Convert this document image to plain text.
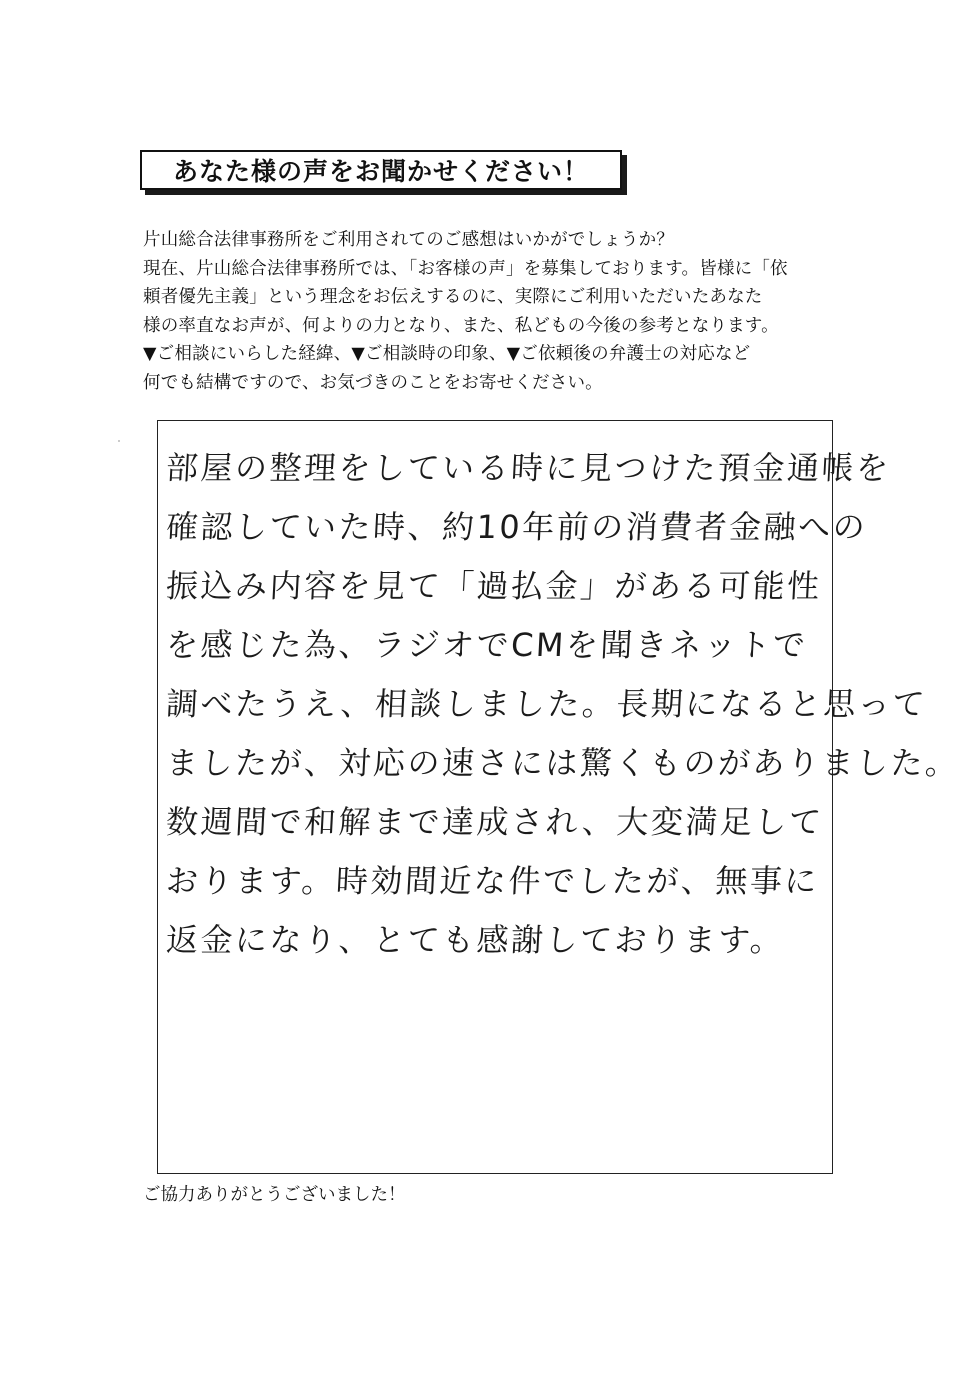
あなた様の声をお聞かせください！
片山総合法律事務所をご利用されてのご感想はいかがでしょうか？
現在、片山総合法律事務所では、「お客様の声」を募集しております。皆様に「依
頼者優先主義」という理念をお伝えするのに、実際にご利用いただいたあなた
様の率直なお声が、何よりの力となり、また、私どもの今後の参考となります。
▼ご相談にいらした経緯、▼ご相談時の印象、▼ご依頼後の弁護士の対応など
何でも結構ですので、お気づきのことをお寄せください。
部屋の整理をしている時に見つけた預金通帳を
確認していた時、約10年前の消費者金融への
振込み内容を見て「過払金」がある可能性
を感じた為、ラジオでCMを聞きネットで
調べたうえ、相談しました。長期になると思って
ましたが、対応の速さには驚くものがありました。
数週間で和解まで達成され、大変満足して
おります。時効間近な件でしたが、無事に
返金になり、とても感謝しております。
ご協力ありがとうございました！
